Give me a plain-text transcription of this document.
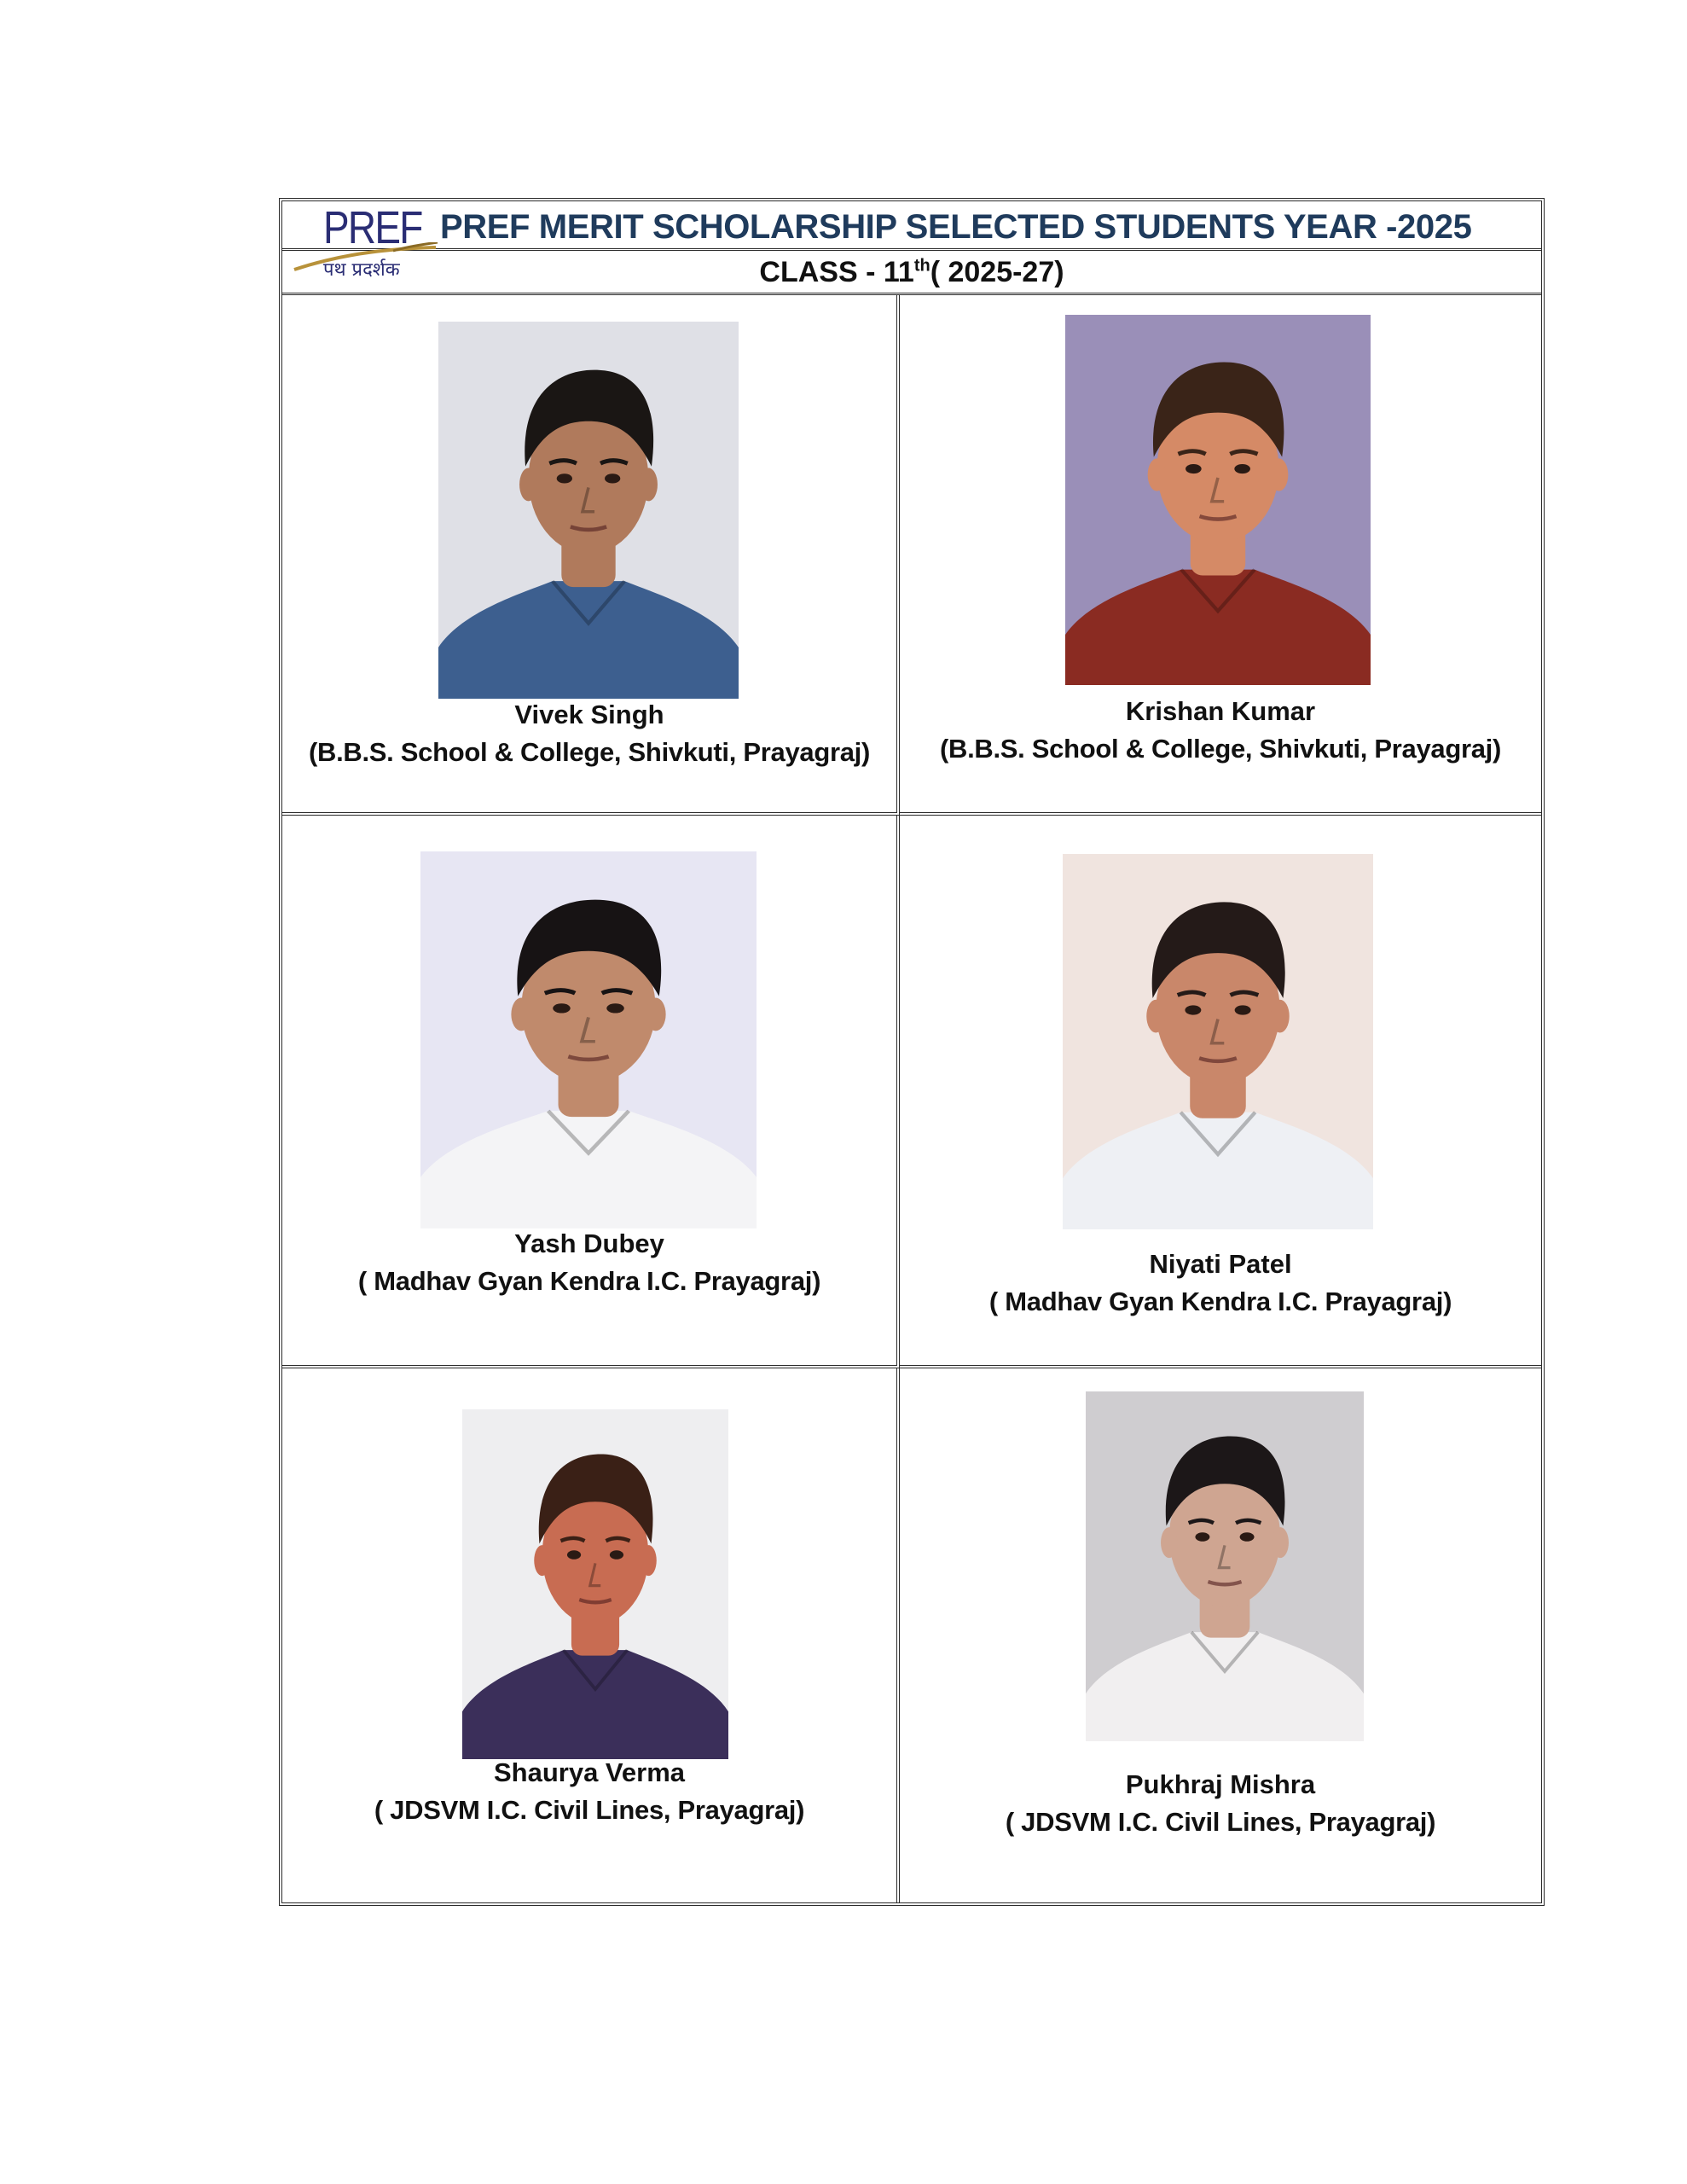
PREF
पथ प्रदर्शक
PREF MERIT SCHOLARSHIP SELECTED STUDENTS YEAR -2025
CLASS - 11th( 2025-27)
Vivek Singh
(B.B.S. School & College, Shivkuti, Prayagraj)
Krishan Kumar
(B.B.S. School & College, Shivkuti, Prayagraj)
Yash Dubey
( Madhav Gyan Kendra I.C. Prayagraj)
Niyati Patel
( Madhav Gyan Kendra I.C. Prayagraj)
Shaurya Verma
( JDSVM I.C. Civil Lines, Prayagraj)
Pukhraj Mishra
( JDSVM I.C. Civil Lines, Prayagraj)
